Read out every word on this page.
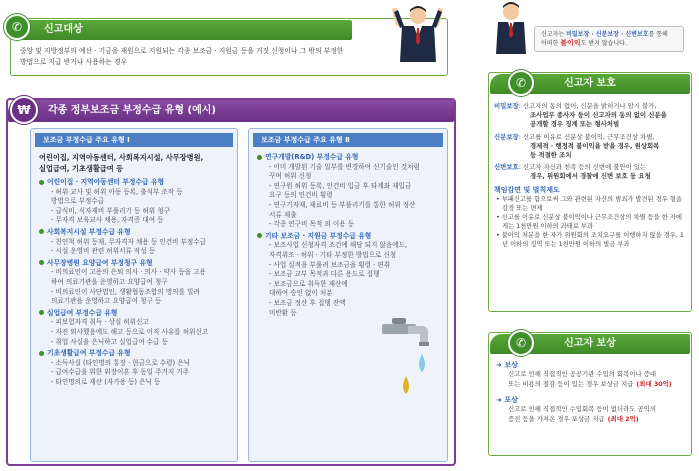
신고대상
✆
중앙 및 지방정부의 예산 · 기금을 재원으로 지원되는 각종 보조금 · 지원금 등을 거짓 신청이나 그 밖의 부정한
방법으로 지급 받거나 사용하는 경우
각종 정부보조금 부정수급 유형 (예시)
₩
보조금 부정수급 주요 유형 Ⅰ
어린이집, 지역아동센터, 사회복지시설, 사무장병원,
실업급여, 기초생활급여 등
어린이집 · 지역아동센터 부정수급 유형
- 허위 교사 및 허위 아동 등록, 출석부 조작 등
방법으로 부정수급
- 급식비, 식자재비 부풀리기 등 허위 청구
- 무자격 보육교사 채용, 자격증 대여 등
사회복지시설 부정수급 유형
- 친인척 허위 등재, 무자격자 채용 등 인건비 부정수급
- 시설 운영비 관련 허위서류 작성 등
사무장병원 요양급여 부정청구 유형
- 비의료인이 고용의 은퇴 의사 · 의사 · 약사 등을 고용
하여 의료기관을 운영하고 요양급여 청구
- 비의료인이 사단법인, 생활협동조합의 명의를 빌려
의료기관을 운영하고 요양급여 청구 등
실업급여 부정수급 유형
- 피보험자격 취득 · 상실 허위신고
- 자진 퇴사했음에도 해고 등으로 이직 사유를 허위신고
- 취업 사실을 은닉하고 실업급여 수급 등
기초생활급여 부정수급 유형
- 소득사실 (타인명의 통장 · 현금으로 수령) 은닉
- 급여수급을 위한 위장이혼 후 동일 주거지 거주
- 타인명의로 재산 (자가용 등) 은닉 등
보조금 부정수급 주요 유형 Ⅱ
연구개발(R&D) 부정수급 유형
- 이미 개발된 기술 일부를 변경하여 신기술인 것처럼
꾸며 허위 신청
- 연구원 허위 등록, 인건비 입금 후 타계좌 재입금
요구 등의 인건비 횡령
- 연구기자재, 재료비 등 부풀리기를 통한 허위 정산
서류 제출
- 각종 연구비 목적 외 이용 등
기타 보조금 · 지원금 부정수급 유형
- 보조사업 신청자격 조건에 해당 되지 않음에도,
자격위조 · 허위 · 기타 부정한 방법으로 신청
- 사업 실적을 부풀려 보조금을 횡령 · 편취
- 보조금 교부 목적과 다른 용도로 집행
- 보조금으로 취득한 재산에
대하여 승인 없이 처분
- 보조금 정산 후 집행 잔액
미반환 등
신고자는 비밀보장 · 신분보장 · 신변보호를 통해
어떠한 불이익도 받지 않습니다.
신고자 보호
✆
비밀보장: 신고자의 동의 없이, 신분을 밝히거나 암시 불가,
조사업무 종사자 등이 신고자의 동의 없이 신분을
공개할 경우 징계 또는 형사처벌
신분보장: 신고를 이유로 신분상 불이익, 근무조건상 차별,
경제적 · 행정적 불이익을 받을 경우, 원상회복
등 적절한 조치
신변보호: 신고자 자신과 친족 등의 신변에 불안이 있는
경우, 위원회에서 경찰에 신변 보호 등 요청
책임감면 및 벌칙제도
• 부패신고를 함으로써 그와 관련된 자신의 범죄가 발견된 경우 형을 감경 또는 면제
• 신고를 이유로 신분상 불이익이나 근무조건상의 차별 등을 한 자에게는 1천만원 이하의 과태료 부과
• 불이익 처분을 한 자가 위원회의 조치요구를 이행하지 않을 경우, 1년 이하의 징역 또는 1천만원 이하의 벌금 부과
신고자 보상
✆
➜ 보상
신고로 인해 직접적인 공공기관 수입의 회복이나 증대
또는 비용의 절감 등이 있는 경우 보상금 지급 (최대 30억)
➜ 포상
신고로 인해 직접적인 수입회복 등이 없더라도 공익의
증진 등을 가져온 경우 포상금 지급 (최대 2억)
